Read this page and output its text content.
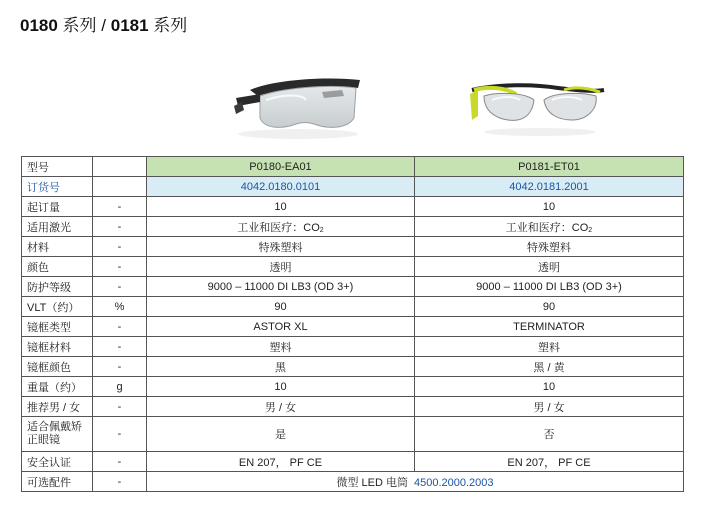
0180 系列 / 0181 系列
型号		P0180-EA01	P0181-ET01
订货号		4042.0180.0101	4042.0181.2001
起订量	-	10	10
适用激光	-	工业和医疗：$CO_2$	工业和医疗：$CO_2$
材料	-	特殊塑料	特殊塑料
颜色	-	透明	透明
防护等级	-	9000 – 11000 DI LB3 (OD 3+)	9000 – 11000 DI LB3 (OD 3+)
VLT（约）	%	90	90
镜框类型	-	ASTOR XL	TERMINATOR
镜框材料	-	塑料	塑料
镜框颜色	-	黑	黑 / 黄
重量（约）	g	10	10
推荐男 / 女	-	男 / 女	男 / 女
适合佩戴矫正眼镜	-	是	否
安全认证	-	EN 207， PF CE	EN 207， PF CE
可选配件	-	微型 LED 电筒 4500.2000.2003	
